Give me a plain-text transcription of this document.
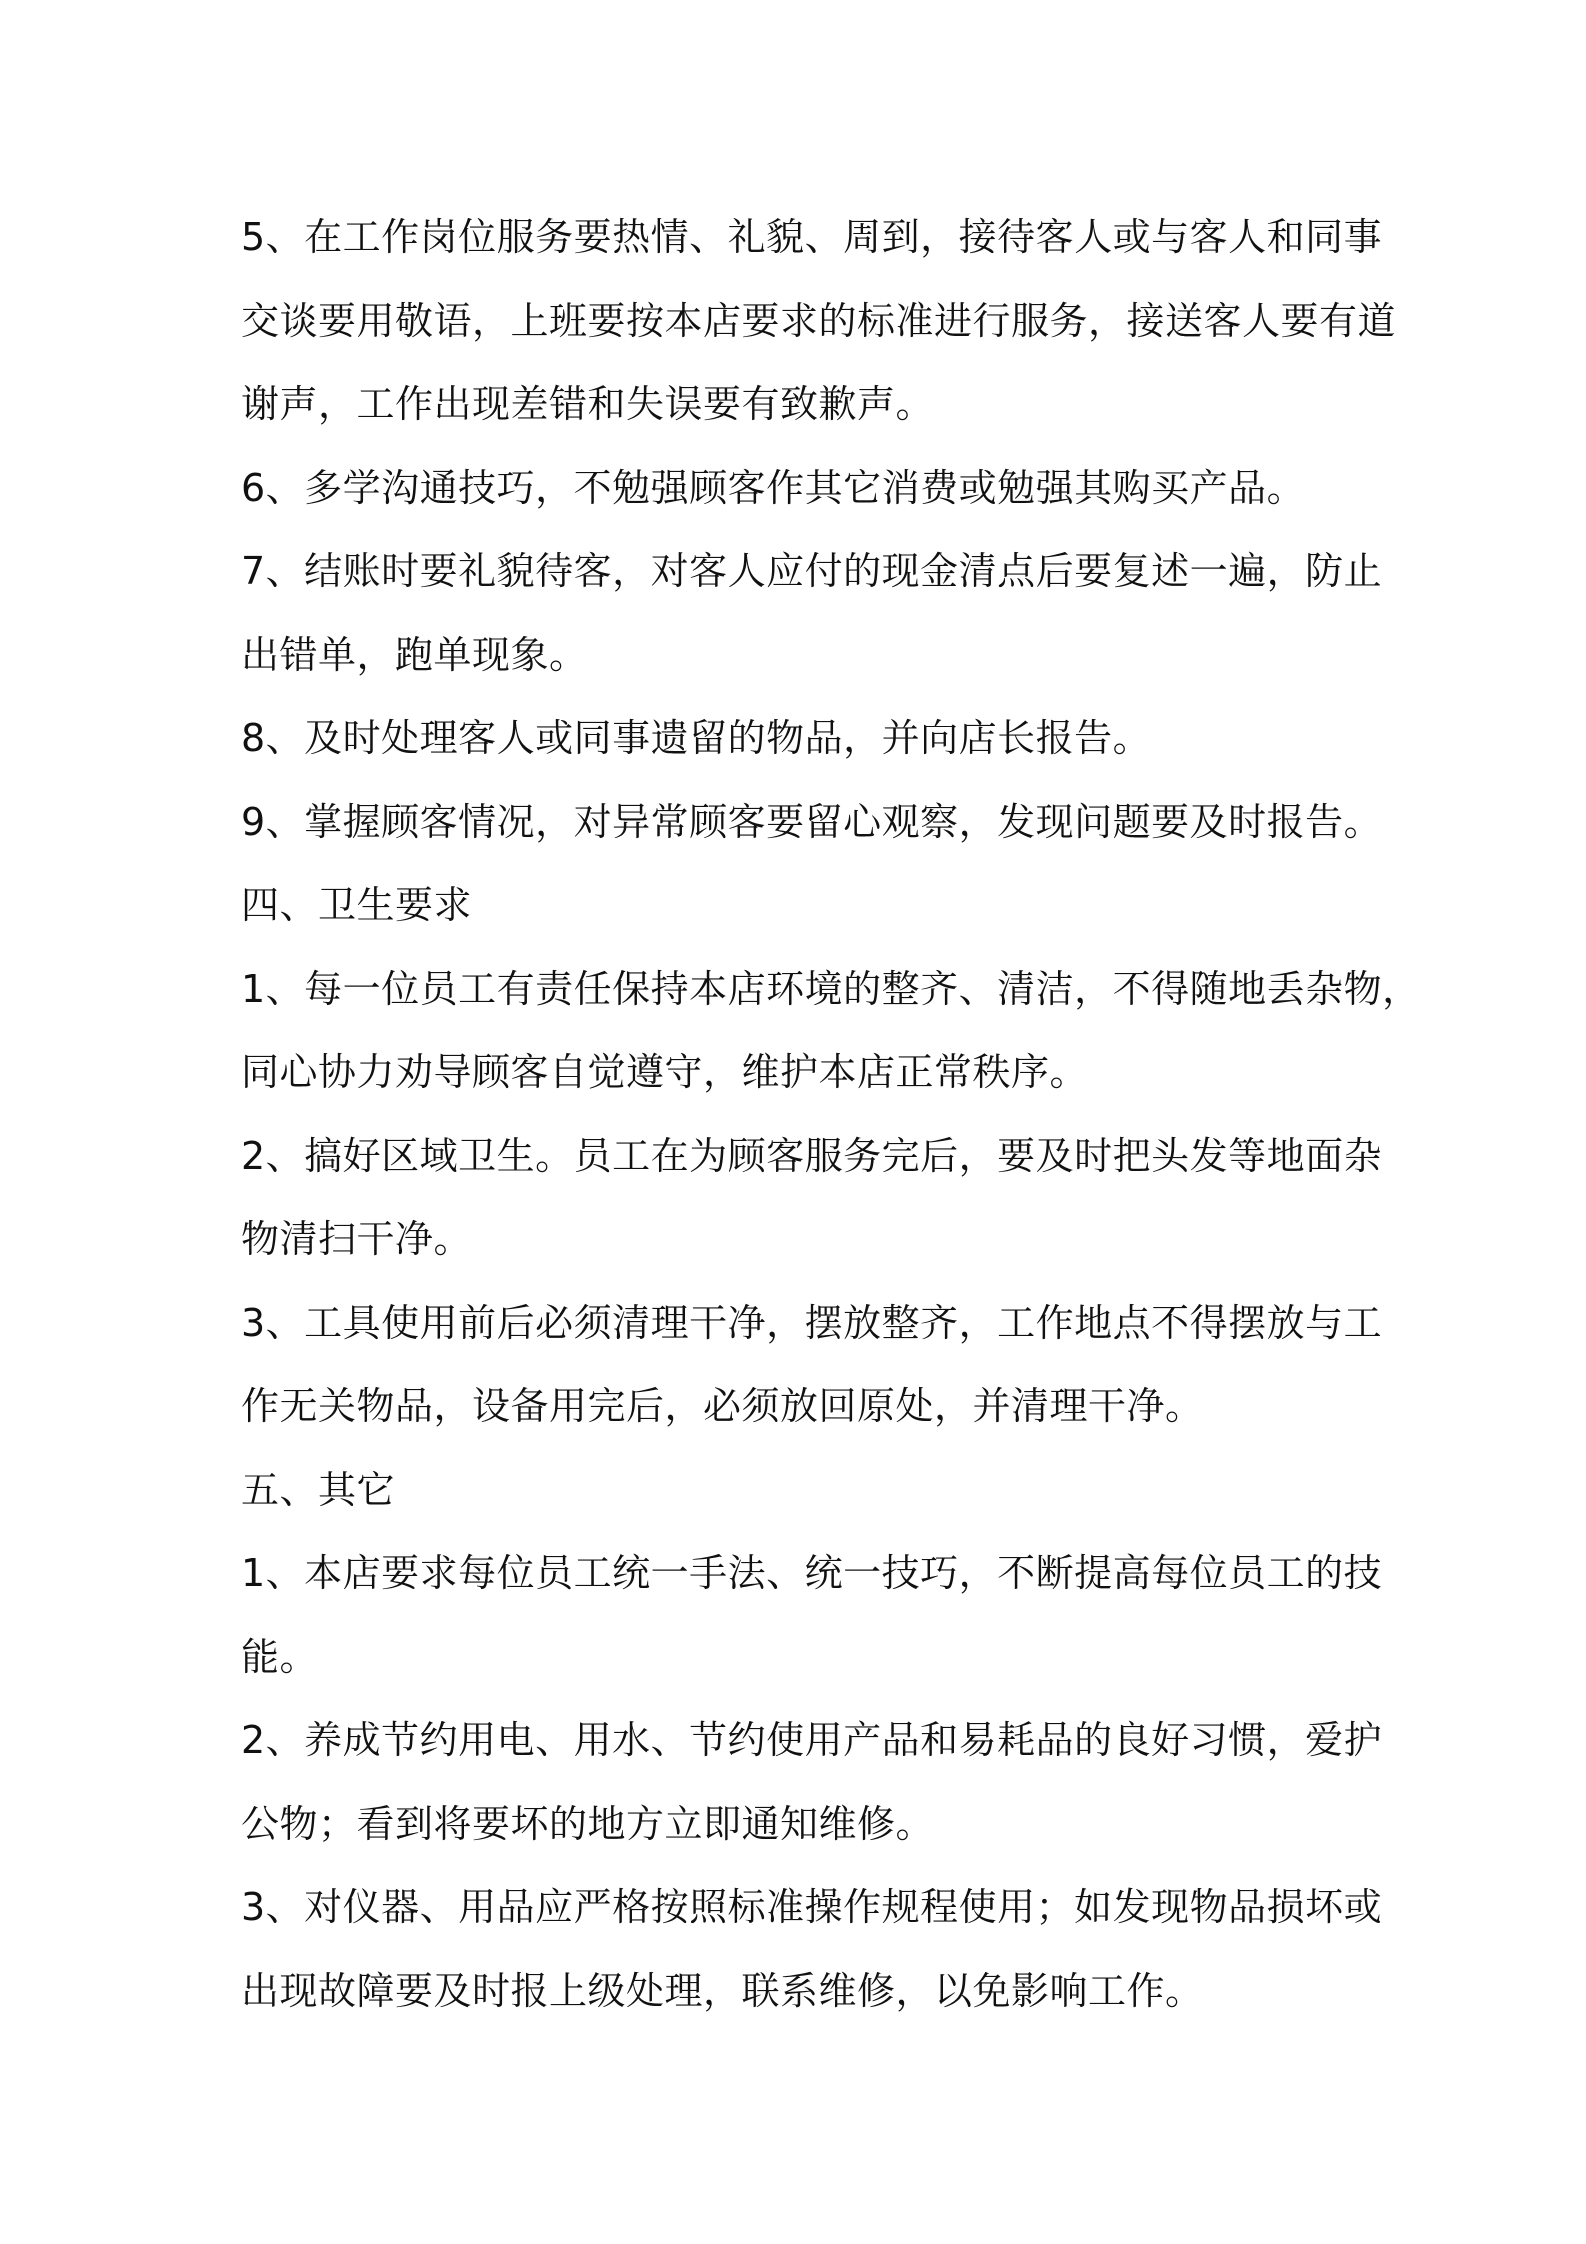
5、在工作岗位服务要热情、礼貌、周到，接待客人或与客人和同事

交谈要用敬语，上班要按本店要求的标准进行服务，接送客人要有道

谢声，工作出现差错和失误要有致歉声。

6、多学沟通技巧，不勉强顾客作其它消费或勉强其购买产品。

7、结账时要礼貌待客，对客人应付的现金清点后要复述一遍，防止

出错单，跑单现象。

8、及时处理客人或同事遗留的物品，并向店长报告。

9、掌握顾客情况，对异常顾客要留心观察，发现问题要及时报告。

四、卫生要求

1、每一位员工有责任保持本店环境的整齐、清洁，不得随地丢杂物，

同心协力劝导顾客自觉遵守，维护本店正常秩序。

2、搞好区域卫生。员工在为顾客服务完后，要及时把头发等地面杂

物清扫干净。

3、工具使用前后必须清理干净，摆放整齐，工作地点不得摆放与工

作无关物品，设备用完后，必须放回原处，并清理干净。

五、其它

1、本店要求每位员工统一手法、统一技巧，不断提高每位员工的技

能。

2、养成节约用电、用水、节约使用产品和易耗品的良好习惯，爱护

公物；看到将要坏的地方立即通知维修。

3、对仪器、用品应严格按照标准操作规程使用；如发现物品损坏或

出现故障要及时报上级处理，联系维修，以免影响工作。
